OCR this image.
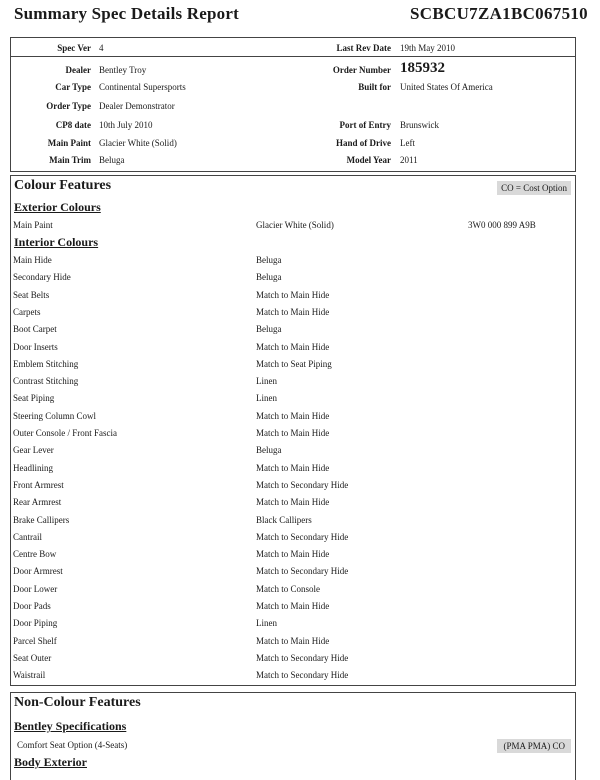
Summary Spec Details Report	SCBCU7ZA1BC067510
Spec Ver 4	Last Rev Date 19th May 2010
Dealer Bentley Troy	Order Number 185932
Car Type Continental Supersports	Built for United States Of America
Order Type Dealer Demonstrator
CP8 date 10th July 2010	Port of Entry Brunswick
Main Paint Glacier White (Solid)	Hand of Drive Left
Main Trim Beluga	Model Year 2011
Colour Features	CO = Cost Option
Exterior Colours
Main Paint	Glacier White (Solid)	3W0 000 899 A9B
Interior Colours
Main Hide	Beluga
Secondary Hide	Beluga
Seat Belts	Match to Main Hide
Carpets	Match to Main Hide
Boot Carpet	Beluga
Door Inserts	Match to Main Hide
Emblem Stitching	Match to Seat Piping
Contrast Stitching	Linen
Seat Piping	Linen
Steering Column Cowl	Match to Main Hide
Outer Console / Front Fascia	Match to Main Hide
Gear Lever	Beluga
Headlining	Match to Main Hide
Front Armrest	Match to Secondary Hide
Rear Armrest	Match to Main Hide
Brake Callipers	Black Callipers
Cantrail	Match to Secondary Hide
Centre Bow	Match to Main Hide
Door Armrest	Match to Secondary Hide
Door Lower	Match to Console
Door Pads	Match to Main Hide
Door Piping	Linen
Parcel Shelf	Match to Main Hide
Seat Outer	Match to Secondary Hide
Waistrail	Match to Secondary Hide
Non-Colour Features
Bentley Specifications
Comfort Seat Option (4-Seats)	(PMA PMA) CO
Body Exterior
